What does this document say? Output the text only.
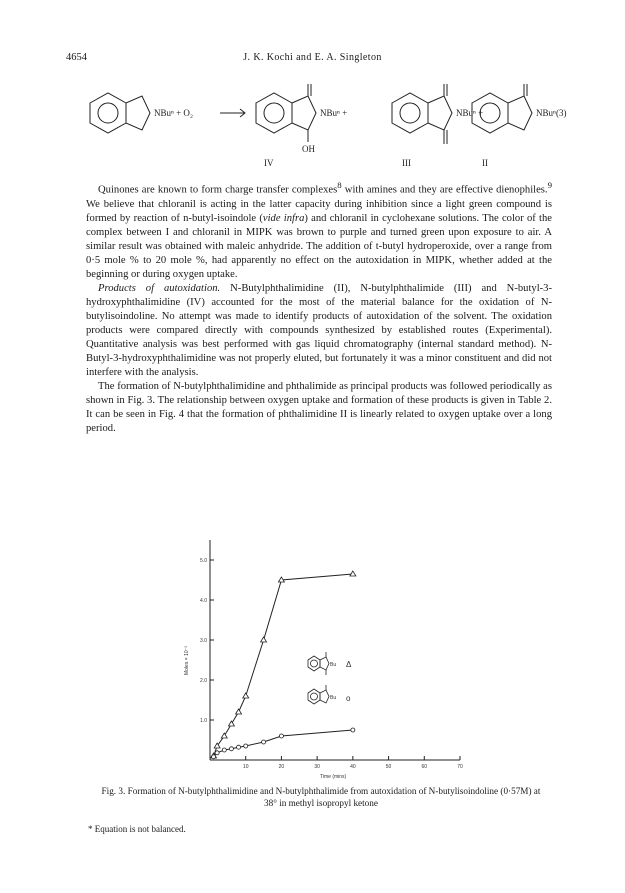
4654	J. K. Kochi and E. A. Singleton
NBuⁿ + O₂	NBuⁿ +
OH
NBuⁿ +	NBuⁿ (3)
IV	III	II

Quinones are known to form charge transfer complexes$^8$ with amines and they are effective dienophiles.$^9$ We believe that chloranil is acting in the latter capacity during inhibition since a light green compound is formed by reaction of n-butyl-isoindole (vide infra) and chloranil in cyclohexane solutions. The color of the complex between I and chloranil in MIPK was brown to purple and turned green upon exposure to air. A similar result was obtained with maleic anhydride. The addition of t-butyl hydroperoxide, over a range from 0·5 mole % to 20 mole %, had apparently no effect on the autoxidation in MIPK, whether added at the beginning or during oxygen uptake.

Products of autoxidation. N-Butylphthalimidine (II), N-butylphthalimide (III) and N-butyl-3-hydroxyphthalimidine (IV) accounted for the most of the material balance for the oxidation of N-butylisoindoline. No attempt was made to identify products of autoxidation of the solvent. The oxidation products were compared directly with compounds synthesized by established routes (Experimental). Quantitative analysis was best performed with gas liquid chromatography (internal standard method). N-Butyl-3-hydroxyphthalimidine was not properly eluted, but fortunately it was a minor constituent and did not interfere with the analysis.

The formation of N-butylphthalimidine and phthalimide as principal products was followed periodically as shown in Fig. 3. The relationship between oxygen uptake and formation of these products is given in Table 2. It can be seen in Fig. 4 that the formation of phthalimidine II is linearly related to oxygen uptake over a long period.

1.0
2.0
3.0
4.0
5.0
10	20	30	40	50	60	70
Moles × 10⁻³
Time (mins)
Bu Δ
Bu o
Fig. 3. Formation of N-butylphthalimidine and N-butylphthalimide from autoxidation of N-butylisoindoline (0·57M) at 38° in methyl isopropyl ketone
* Equation is not balanced.
